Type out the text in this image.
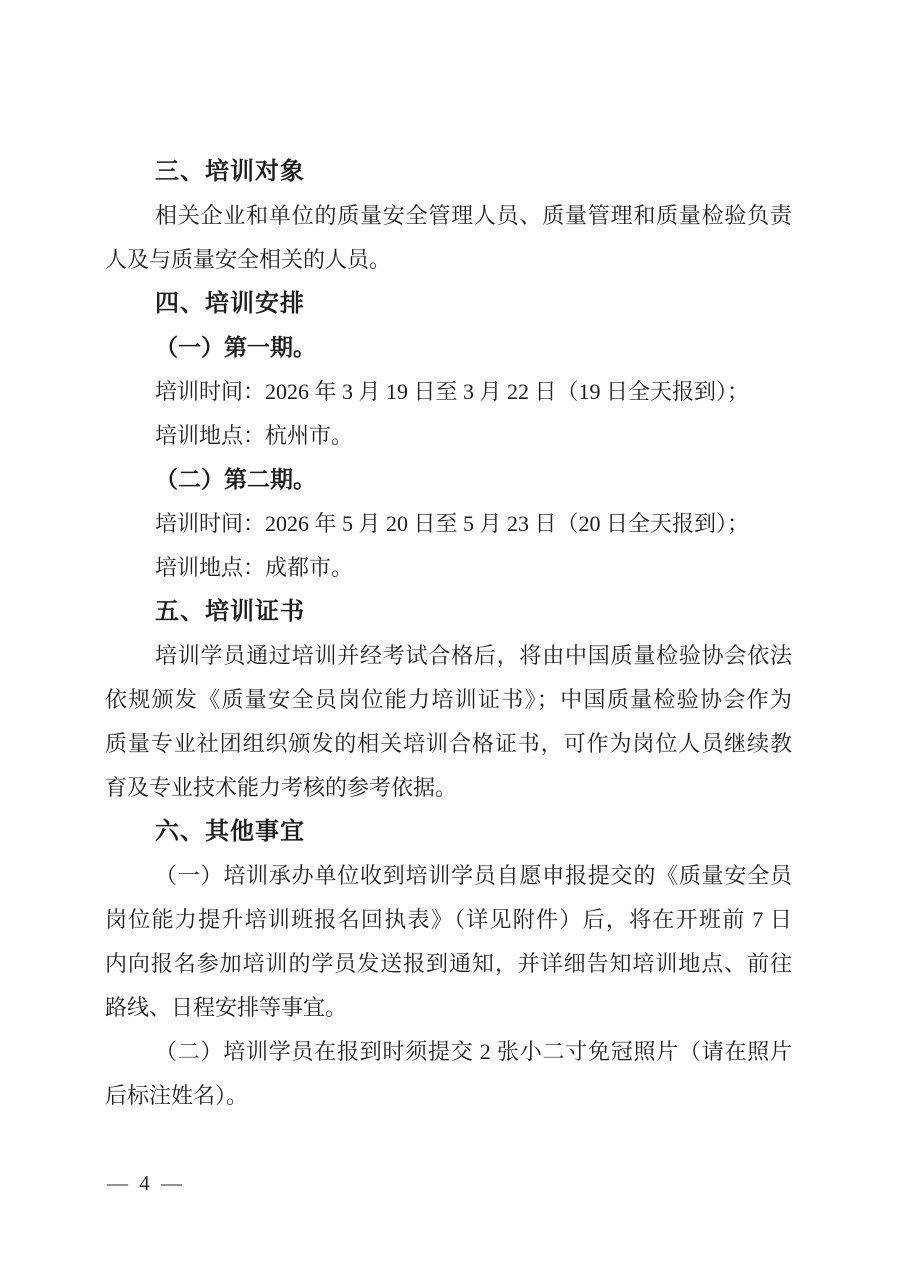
三、培训对象
相关企业和单位的质量安全管理人员、质量管理和质量检验负责
人及与质量安全相关的人员。
四、培训安排
（一）第一期。
培训时间：2026 年 3 月 19 日至 3 月 22 日（19 日全天报到）；
培训地点：杭州市。
（二）第二期。
培训时间：2026 年 5 月 20 日至 5 月 23 日（20 日全天报到）；
培训地点：成都市。
五、培训证书
培训学员通过培训并经考试合格后，将由中国质量检验协会依法
依规颁发《质量安全员岗位能力培训证书》；中国质量检验协会作为
质量专业社团组织颁发的相关培训合格证书，可作为岗位人员继续教
育及专业技术能力考核的参考依据。
六、其他事宜
（一）培训承办单位收到培训学员自愿申报提交的《质量安全员
岗位能力提升培训班报名回执表》（详见附件）后，将在开班前 7 日
内向报名参加培训的学员发送报到通知，并详细告知培训地点、前往
路线、日程安排等事宜。
（二）培训学员在报到时须提交 2 张小二寸免冠照片（请在照片
后标注姓名）。
— 4 —
